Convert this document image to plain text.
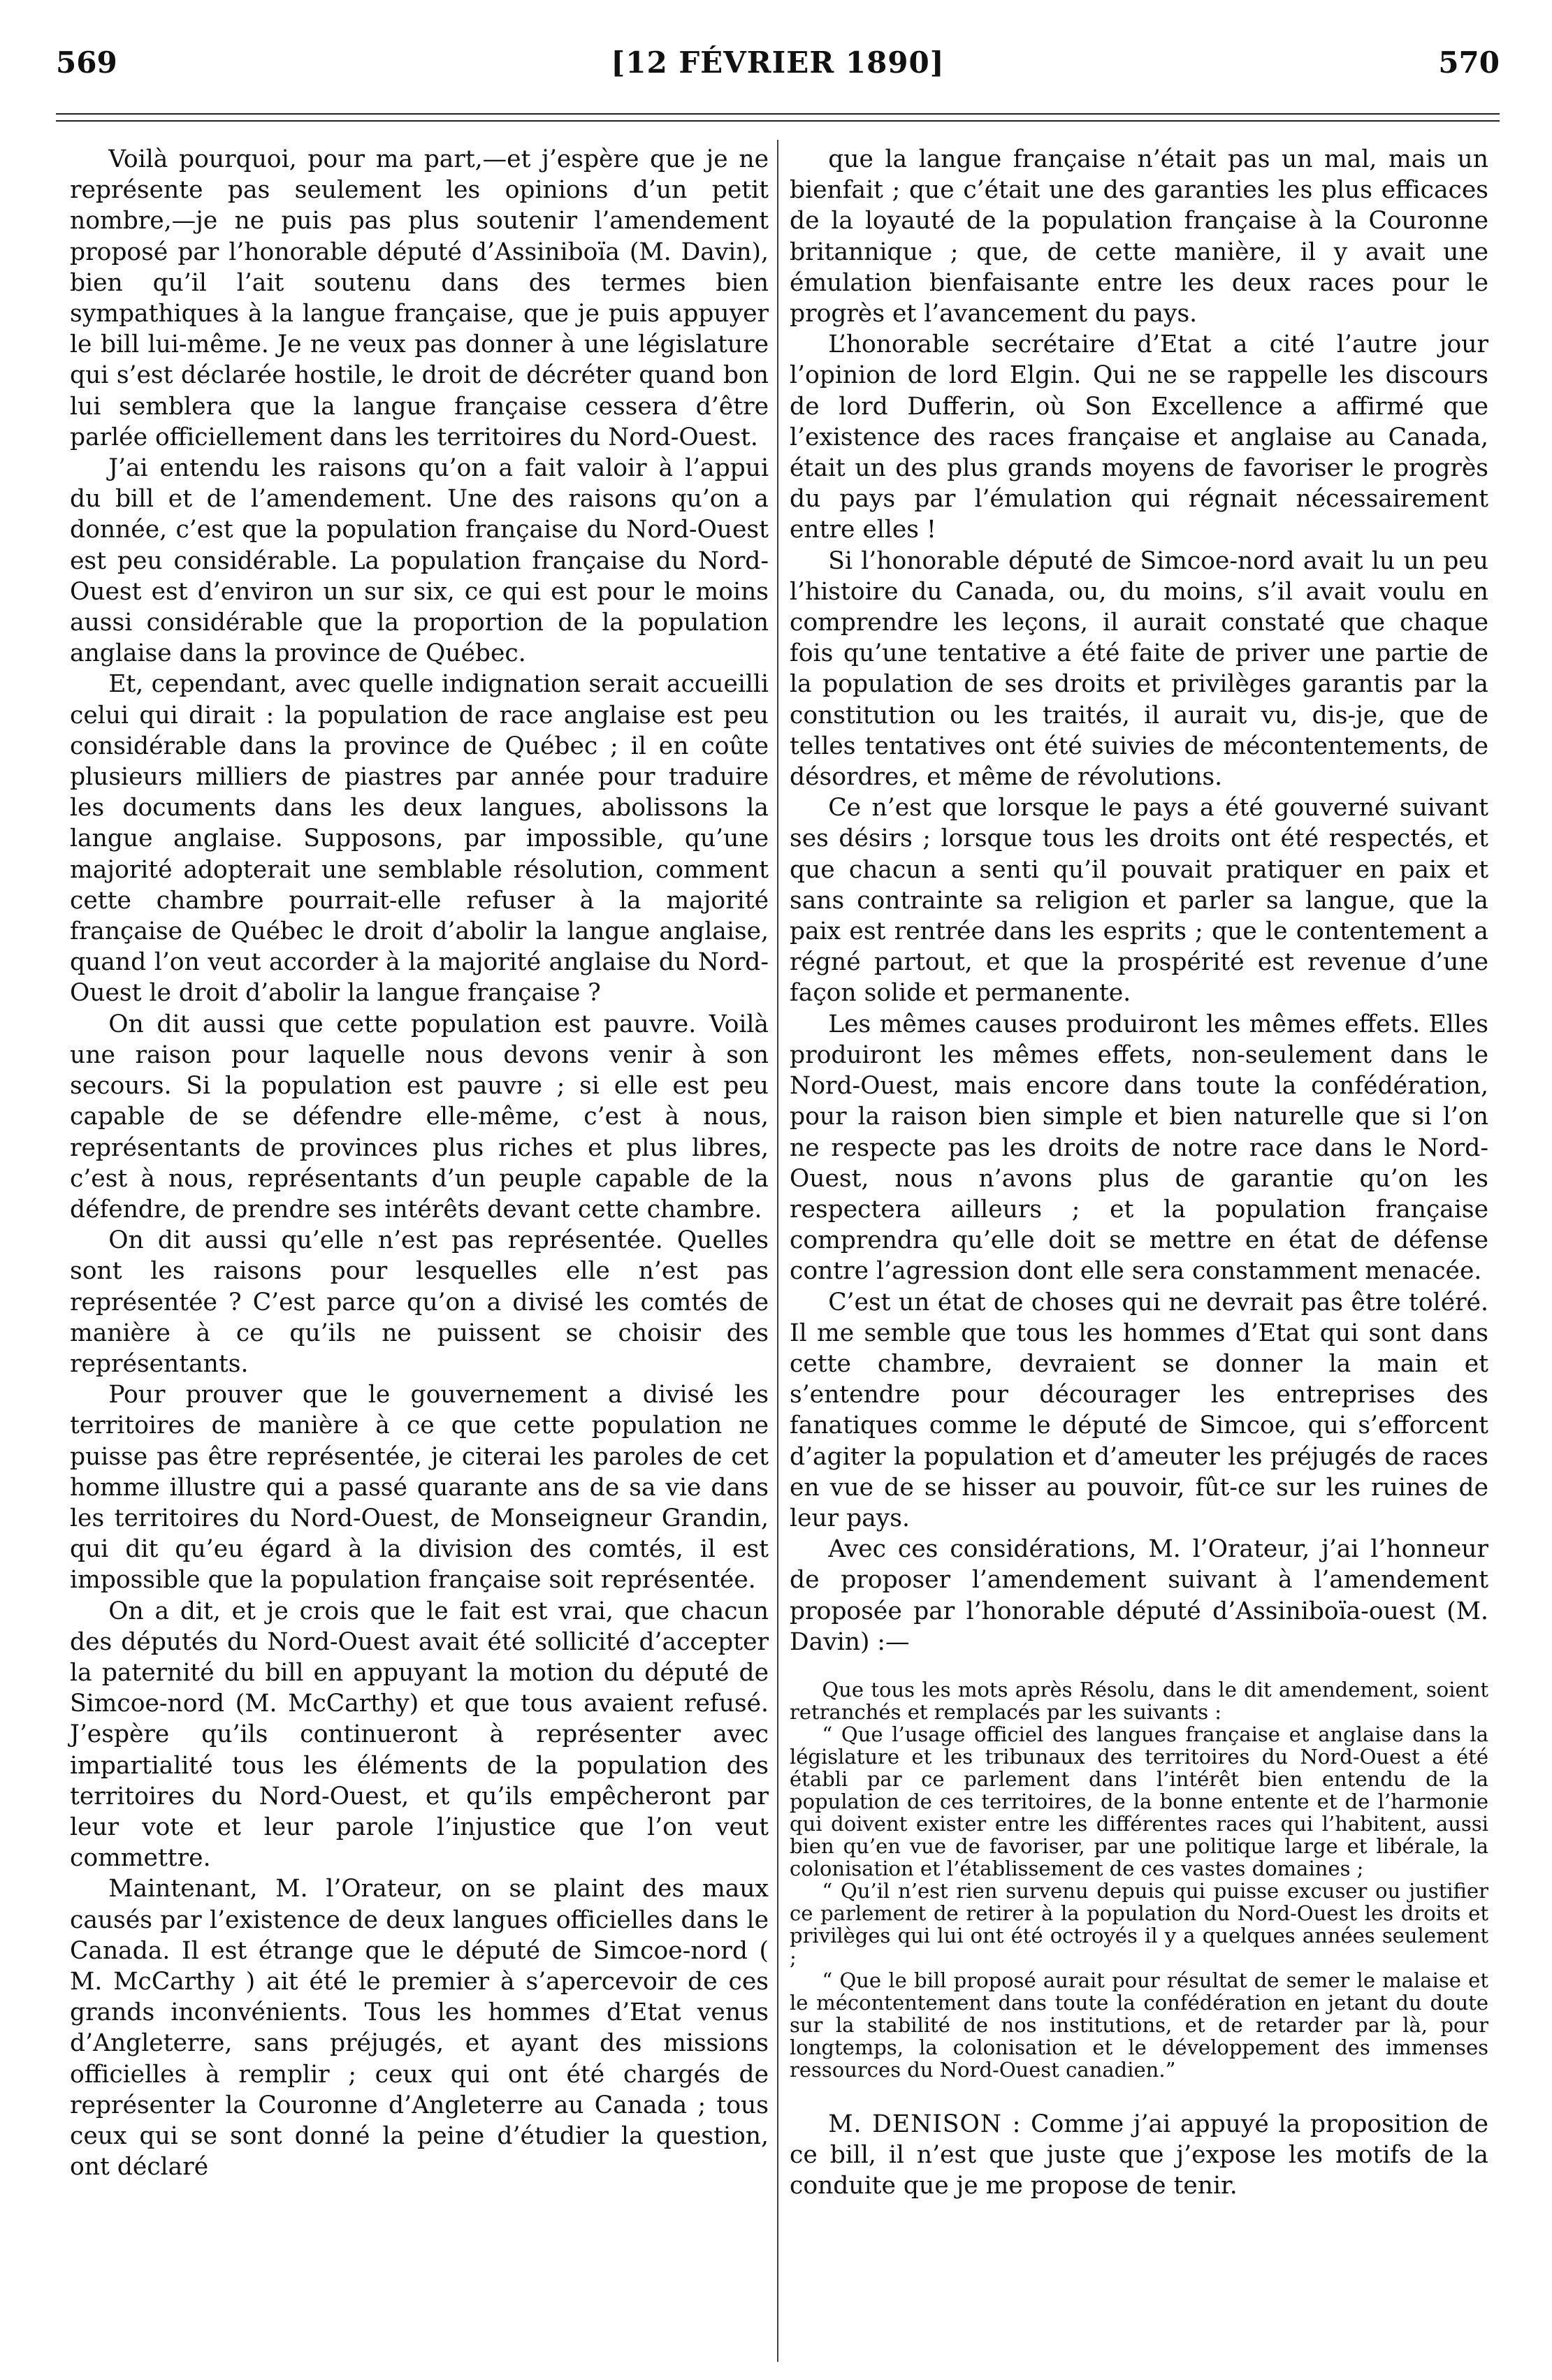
[12 FÉVRIER 1890]
569	570

Voilà pourquoi, pour ma part,—et j’espère que je ne représente pas seulement les opinions d’un petit nombre,—je ne puis pas plus soutenir l’amendement proposé par l’honorable député d’Assiniboïa (M. Davin), bien qu’il l’ait soutenu dans des termes bien sympathiques à la langue française, que je puis appuyer le bill lui-même. Je ne veux pas donner à une législature qui s’est déclarée hostile, le droit de décréter quand bon lui semblera que la langue française cessera d’être parlée officiellement dans les territoires du Nord-Ouest.

J’ai entendu les raisons qu’on a fait valoir à l’appui du bill et de l’amendement. Une des raisons qu’on a donnée, c’est que la population française du Nord-Ouest est peu considérable. La population française du Nord-Ouest est d’environ un sur six, ce qui est pour le moins aussi considérable que la proportion de la population anglaise dans la province de Québec.

Et, cependant, avec quelle indignation serait accueilli celui qui dirait : la population de race anglaise est peu considérable dans la province de Québec ; il en coûte plusieurs milliers de piastres par année pour traduire les documents dans les deux langues, abolissons la langue anglaise. Supposons, par impossible, qu’une majorité adopterait une semblable résolution, comment cette chambre pourrait-elle refuser à la majorité française de Québec le droit d’abolir la langue anglaise, quand l’on veut accorder à la majorité anglaise du Nord-Ouest le droit d’abolir la langue française ?

On dit aussi que cette population est pauvre. Voilà une raison pour laquelle nous devons venir à son secours. Si la population est pauvre ; si elle est peu capable de se défendre elle-même, c’est à nous, représentants de provinces plus riches et plus libres, c’est à nous, représentants d’un peuple capable de la défendre, de prendre ses intérêts devant cette chambre.

On dit aussi qu’elle n’est pas représentée. Quelles sont les raisons pour lesquelles elle n’est pas représentée ? C’est parce qu’on a divisé les comtés de manière à ce qu’ils ne puissent se choisir des représentants.

Pour prouver que le gouvernement a divisé les territoires de manière à ce que cette population ne puisse pas être représentée, je citerai les paroles de cet homme illustre qui a passé quarante ans de sa vie dans les territoires du Nord-Ouest, de Monseigneur Grandin, qui dit qu’eu égard à la division des comtés, il est impossible que la population française soit représentée.

On a dit, et je crois que le fait est vrai, que chacun des députés du Nord-Ouest avait été sollicité d’accepter la paternité du bill en appuyant la motion du député de Simcoe-nord (M. McCarthy) et que tous avaient refusé. J’espère qu’ils continueront à représenter avec impartialité tous les éléments de la population des territoires du Nord-Ouest, et qu’ils empêcheront par leur vote et leur parole l’injustice que l’on veut commettre.

Maintenant, M. l’Orateur, on se plaint des maux causés par l’existence de deux langues officielles dans le Canada. Il est étrange que le député de Simcoe-nord ( M. McCarthy ) ait été le premier à s’apercevoir de ces grands inconvénients. Tous les hommes d’Etat venus d’Angleterre, sans préjugés, et ayant des missions officielles à remplir ; ceux qui ont été chargés de représenter la Couronne d’Angleterre au Canada ; tous ceux qui se sont donné la peine d’étudier la question, ont déclaré

que la langue française n’était pas un mal, mais un bienfait ; que c’était une des garanties les plus efficaces de la loyauté de la population française à la Couronne britannique ; que, de cette manière, il y avait une émulation bienfaisante entre les deux races pour le progrès et l’avancement du pays.

L’honorable secrétaire d’Etat a cité l’autre jour l’opinion de lord Elgin. Qui ne se rappelle les discours de lord Dufferin, où Son Excellence a affirmé que l’existence des races française et anglaise au Canada, était un des plus grands moyens de favoriser le progrès du pays par l’émulation qui régnait nécessairement entre elles !

Si l’honorable député de Simcoe-nord avait lu un peu l’histoire du Canada, ou, du moins, s’il avait voulu en comprendre les leçons, il aurait constaté que chaque fois qu’une tentative a été faite de priver une partie de la population de ses droits et privilèges garantis par la constitution ou les traités, il aurait vu, dis-je, que de telles tentatives ont été suivies de mécontentements, de désordres, et même de révolutions.

Ce n’est que lorsque le pays a été gouverné suivant ses désirs ; lorsque tous les droits ont été respectés, et que chacun a senti qu’il pouvait pratiquer en paix et sans contrainte sa religion et parler sa langue, que la paix est rentrée dans les esprits ; que le contentement a régné partout, et que la prospérité est revenue d’une façon solide et permanente.

Les mêmes causes produiront les mêmes effets. Elles produiront les mêmes effets, non-seulement dans le Nord-Ouest, mais encore dans toute la confédération, pour la raison bien simple et bien naturelle que si l’on ne respecte pas les droits de notre race dans le Nord-Ouest, nous n’avons plus de garantie qu’on les respectera ailleurs ; et la population française comprendra qu’elle doit se mettre en état de défense contre l’agression dont elle sera constamment menacée.

C’est un état de choses qui ne devrait pas être toléré. Il me semble que tous les hommes d’Etat qui sont dans cette chambre, devraient se donner la main et s’entendre pour décourager les entreprises des fanatiques comme le député de Simcoe, qui s’efforcent d’agiter la population et d’ameuter les préjugés de races en vue de se hisser au pouvoir, fût-ce sur les ruines de leur pays.

Avec ces considérations, M. l’Orateur, j’ai l’honneur de proposer l’amendement suivant à l’amendement proposée par l’honorable député d’Assiniboïa-ouest (M. Davin) :—

Que tous les mots après Résolu, dans le dit amendement, soient retranchés et remplacés par les suivants :

“ Que l’usage officiel des langues française et anglaise dans la législature et les tribunaux des territoires du Nord-Ouest a été établi par ce parlement dans l’intérêt bien entendu de la population de ces territoires, de la bonne entente et de l’harmonie qui doivent exister entre les différentes races qui l’habitent, aussi bien qu’en vue de favoriser, par une politique large et libérale, la colonisation et l’établissement de ces vastes domaines ;

“ Qu’il n’est rien survenu depuis qui puisse excuser ou justifier ce parlement de retirer à la population du Nord-Ouest les droits et privilèges qui lui ont été octroyés il y a quelques années seulement ;

“ Que le bill proposé aurait pour résultat de semer le malaise et le mécontentement dans toute la confédération en jetant du doute sur la stabilité de nos institutions, et de retarder par là, pour longtemps, la colonisation et le développement des immenses ressources du Nord-Ouest canadien.”

M. DENISON : Comme j’ai appuyé la proposition de ce bill, il n’est que juste que j’expose les motifs de la conduite que je me propose de tenir.
